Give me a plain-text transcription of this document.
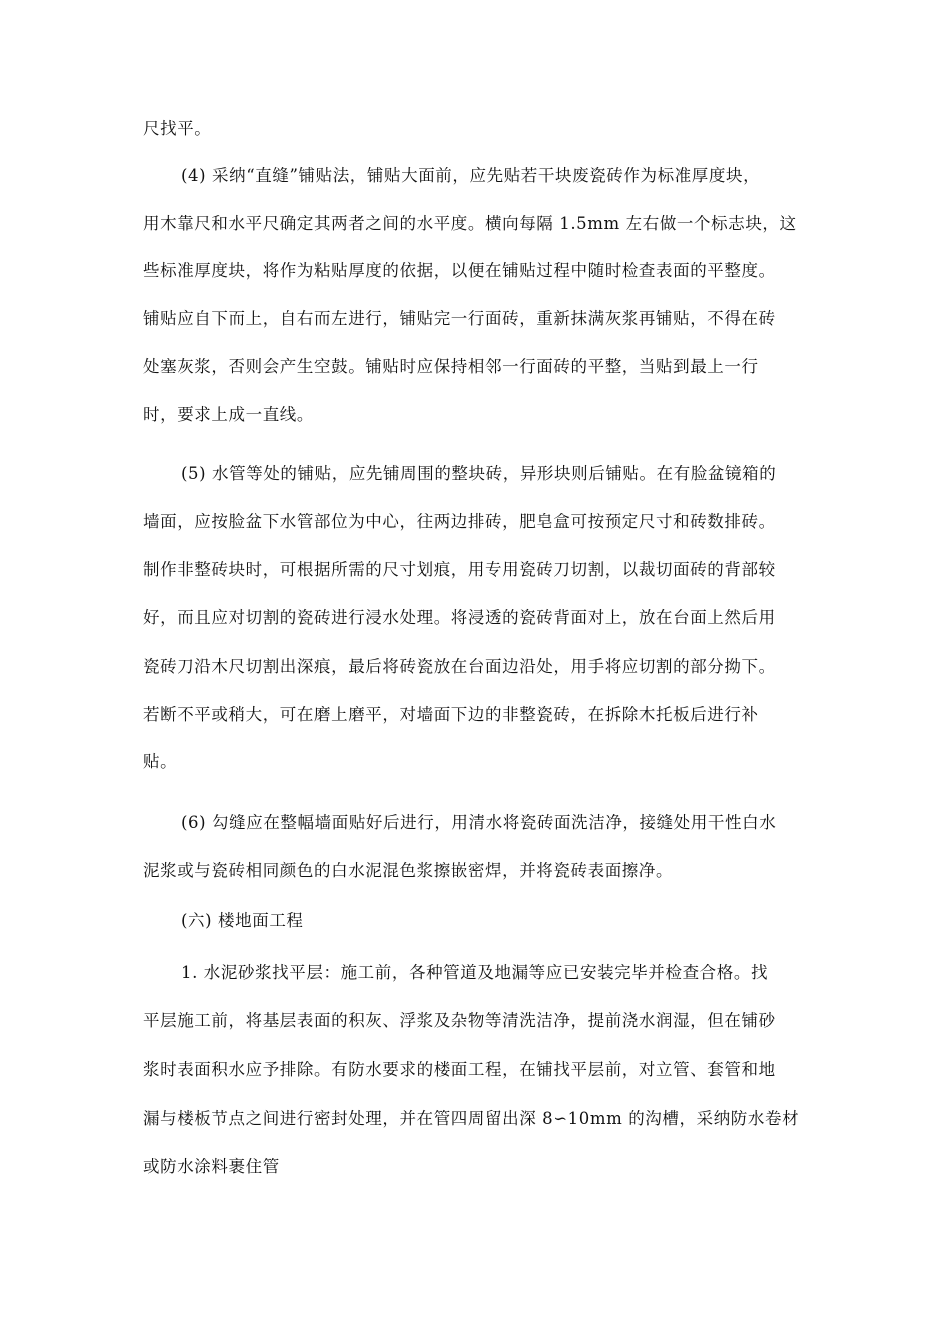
尺找平。
(4) 采纳“直缝”铺贴法，铺贴大面前，应先贴若干块废瓷砖作为标准厚度块，
用木靠尺和水平尺确定其两者之间的水平度。横向每隔 1.5mm 左右做一个标志块，这
些标准厚度块，将作为粘贴厚度的依据，以便在铺贴过程中随时检查表面的平整度。
铺贴应自下而上，自右而左进行，铺贴完一行面砖，重新抹满灰浆再铺贴，不得在砖
处塞灰浆，否则会产生空鼓。铺贴时应保持相邻一行面砖的平整，当贴到最上一行
时，要求上成一直线。
(5) 水管等处的铺贴，应先铺周围的整块砖，异形块则后铺贴。在有脸盆镜箱的
墙面，应按脸盆下水管部位为中心，往两边排砖，肥皂盒可按预定尺寸和砖数排砖。
制作非整砖块时，可根据所需的尺寸划痕，用专用瓷砖刀切割，以裁切面砖的背部较
好，而且应对切割的瓷砖进行浸水处理。将浸透的瓷砖背面对上，放在台面上然后用
瓷砖刀沿木尺切割出深痕，最后将砖瓷放在台面边沿处，用手将应切割的部分拗下。
若断不平或稍大，可在磨上磨平，对墙面下边的非整瓷砖，在拆除木托板后进行补
贴。
(6) 勾缝应在整幅墙面贴好后进行，用清水将瓷砖面洗洁净，接缝处用干性白水
泥浆或与瓷砖相同颜色的白水泥混色浆擦嵌密焊，并将瓷砖表面擦净。
(六) 楼地面工程
1. 水泥砂浆找平层：施工前，各种管道及地漏等应已安装完毕并检查合格。找
平层施工前，将基层表面的积灰、浮浆及杂物等清洗洁净，提前浇水润湿，但在铺砂
浆时表面积水应予排除。有防水要求的楼面工程，在铺找平层前，对立管、套管和地
漏与楼板节点之间进行密封处理，并在管四周留出深 8∽10mm 的沟槽，采纳防水卷材
或防水涂料裹住管
